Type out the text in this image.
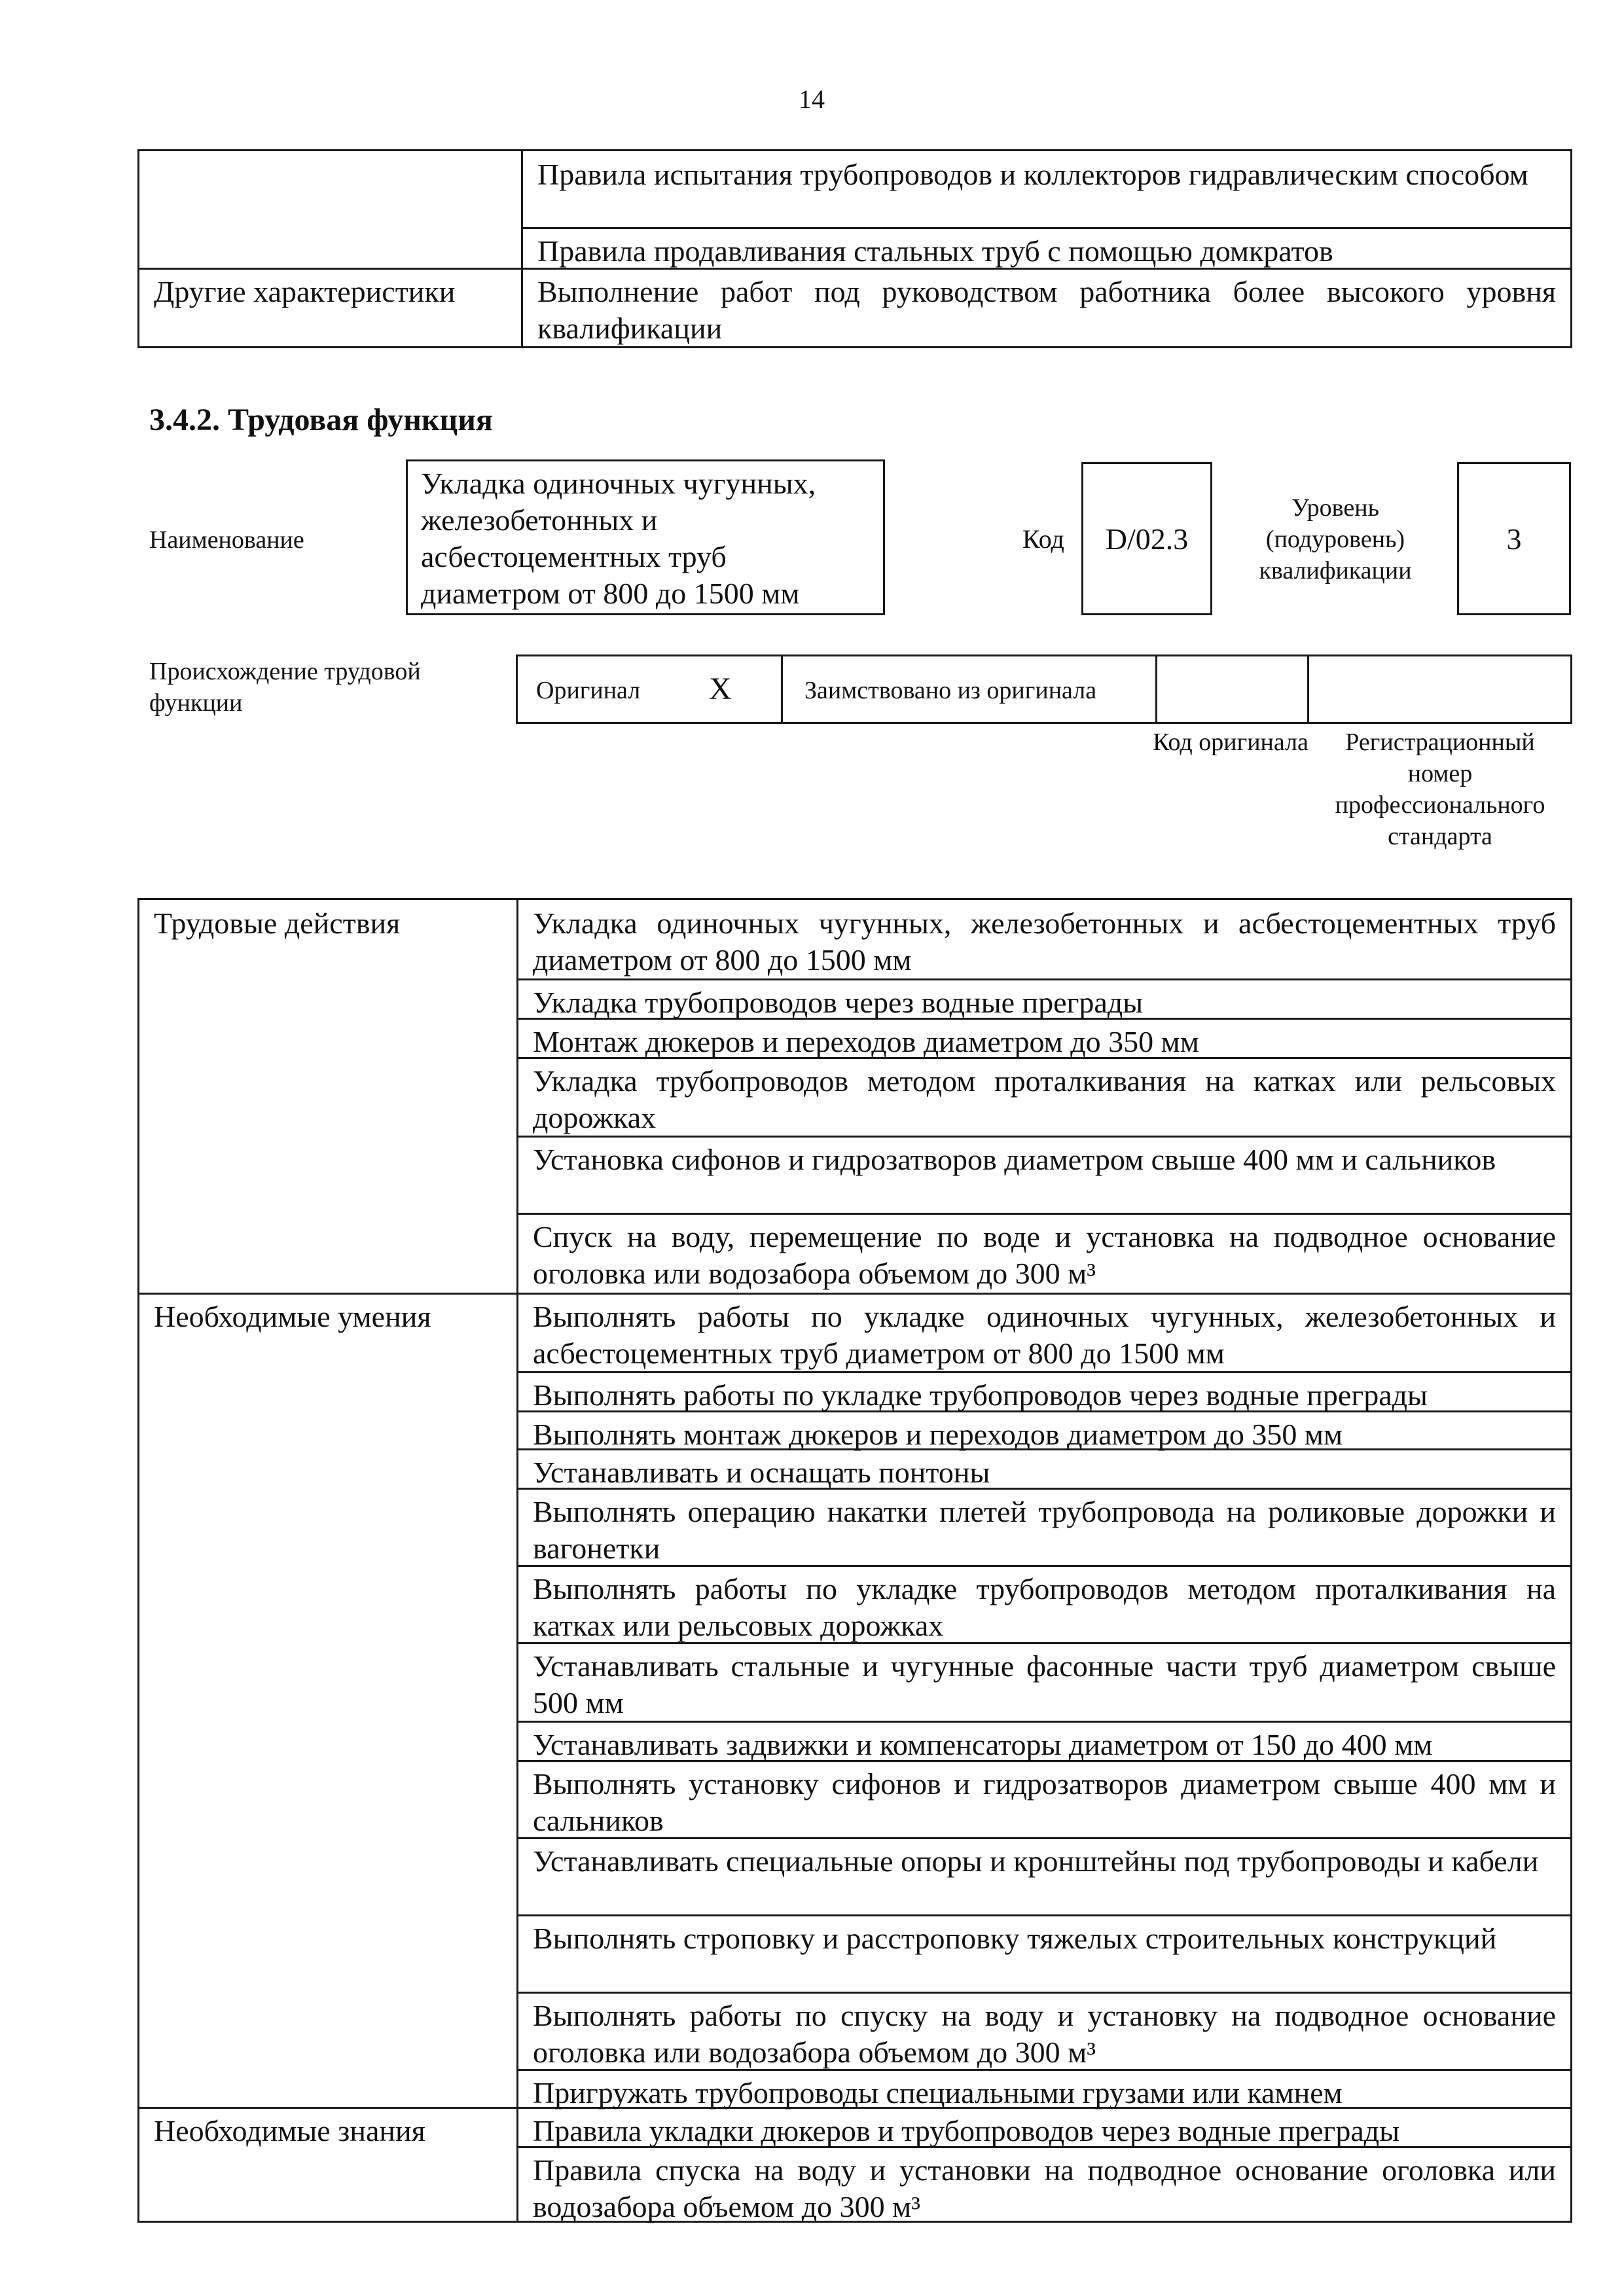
14
Правила испытания трубопроводов и коллекторов гидравлическим способом
Правила продавливания стальных труб с помощью домкратов
Другие характеристики	Выполнение работ под руководством работника более высокого уровня квалификации
3.4.2. Трудовая функция
Наименование
Укладка одиночных чугунных, железобетонных и асбестоцементных труб диаметром от 800 до 1500 мм
Код	D/02.3
Уровень (подуровень) квалификации
3
Происхождение трудовой функции	Оригинал X	Заимствовано из оригинала
Код оригинала	Регистрационный номер профессионального стандарта
Трудовые действия	Укладка одиночных чугунных, железобетонных и асбестоцементных труб диаметром от 800 до 1500 мм
Укладка трубопроводов через водные преграды
Монтаж дюкеров и переходов диаметром до 350 мм
Укладка трубопроводов методом проталкивания на катках или рельсовых дорожках
Установка сифонов и гидрозатворов диаметром свыше 400 мм и сальников
Спуск на воду, перемещение по воде и установка на подводное основание оголовка или водозабора объемом до 300 м³
Необходимые умения	Выполнять работы по укладке одиночных чугунных, железобетонных и асбестоцементных труб диаметром от 800 до 1500 мм
Выполнять работы по укладке трубопроводов через водные преграды
Выполнять монтаж дюкеров и переходов диаметром до 350 мм
Устанавливать и оснащать понтоны
Выполнять операцию накатки плетей трубопровода на роликовые дорожки и вагонетки
Выполнять работы по укладке трубопроводов методом проталкивания на катках или рельсовых дорожках
Устанавливать стальные и чугунные фасонные части труб диаметром свыше 500 мм
Устанавливать задвижки и компенсаторы диаметром от 150 до 400 мм
Выполнять установку сифонов и гидрозатворов диаметром свыше 400 мм и сальников
Устанавливать специальные опоры и кронштейны под трубопроводы и кабели
Выполнять строповку и расстроповку тяжелых строительных конструкций
Выполнять работы по спуску на воду и установку на подводное основание оголовка или водозабора объемом до 300 м³
Пригружать трубопроводы специальными грузами или камнем
Необходимые знания	Правила укладки дюкеров и трубопроводов через водные преграды
Правила спуска на воду и установки на подводное основание оголовка или водозабора объемом до 300 м³
